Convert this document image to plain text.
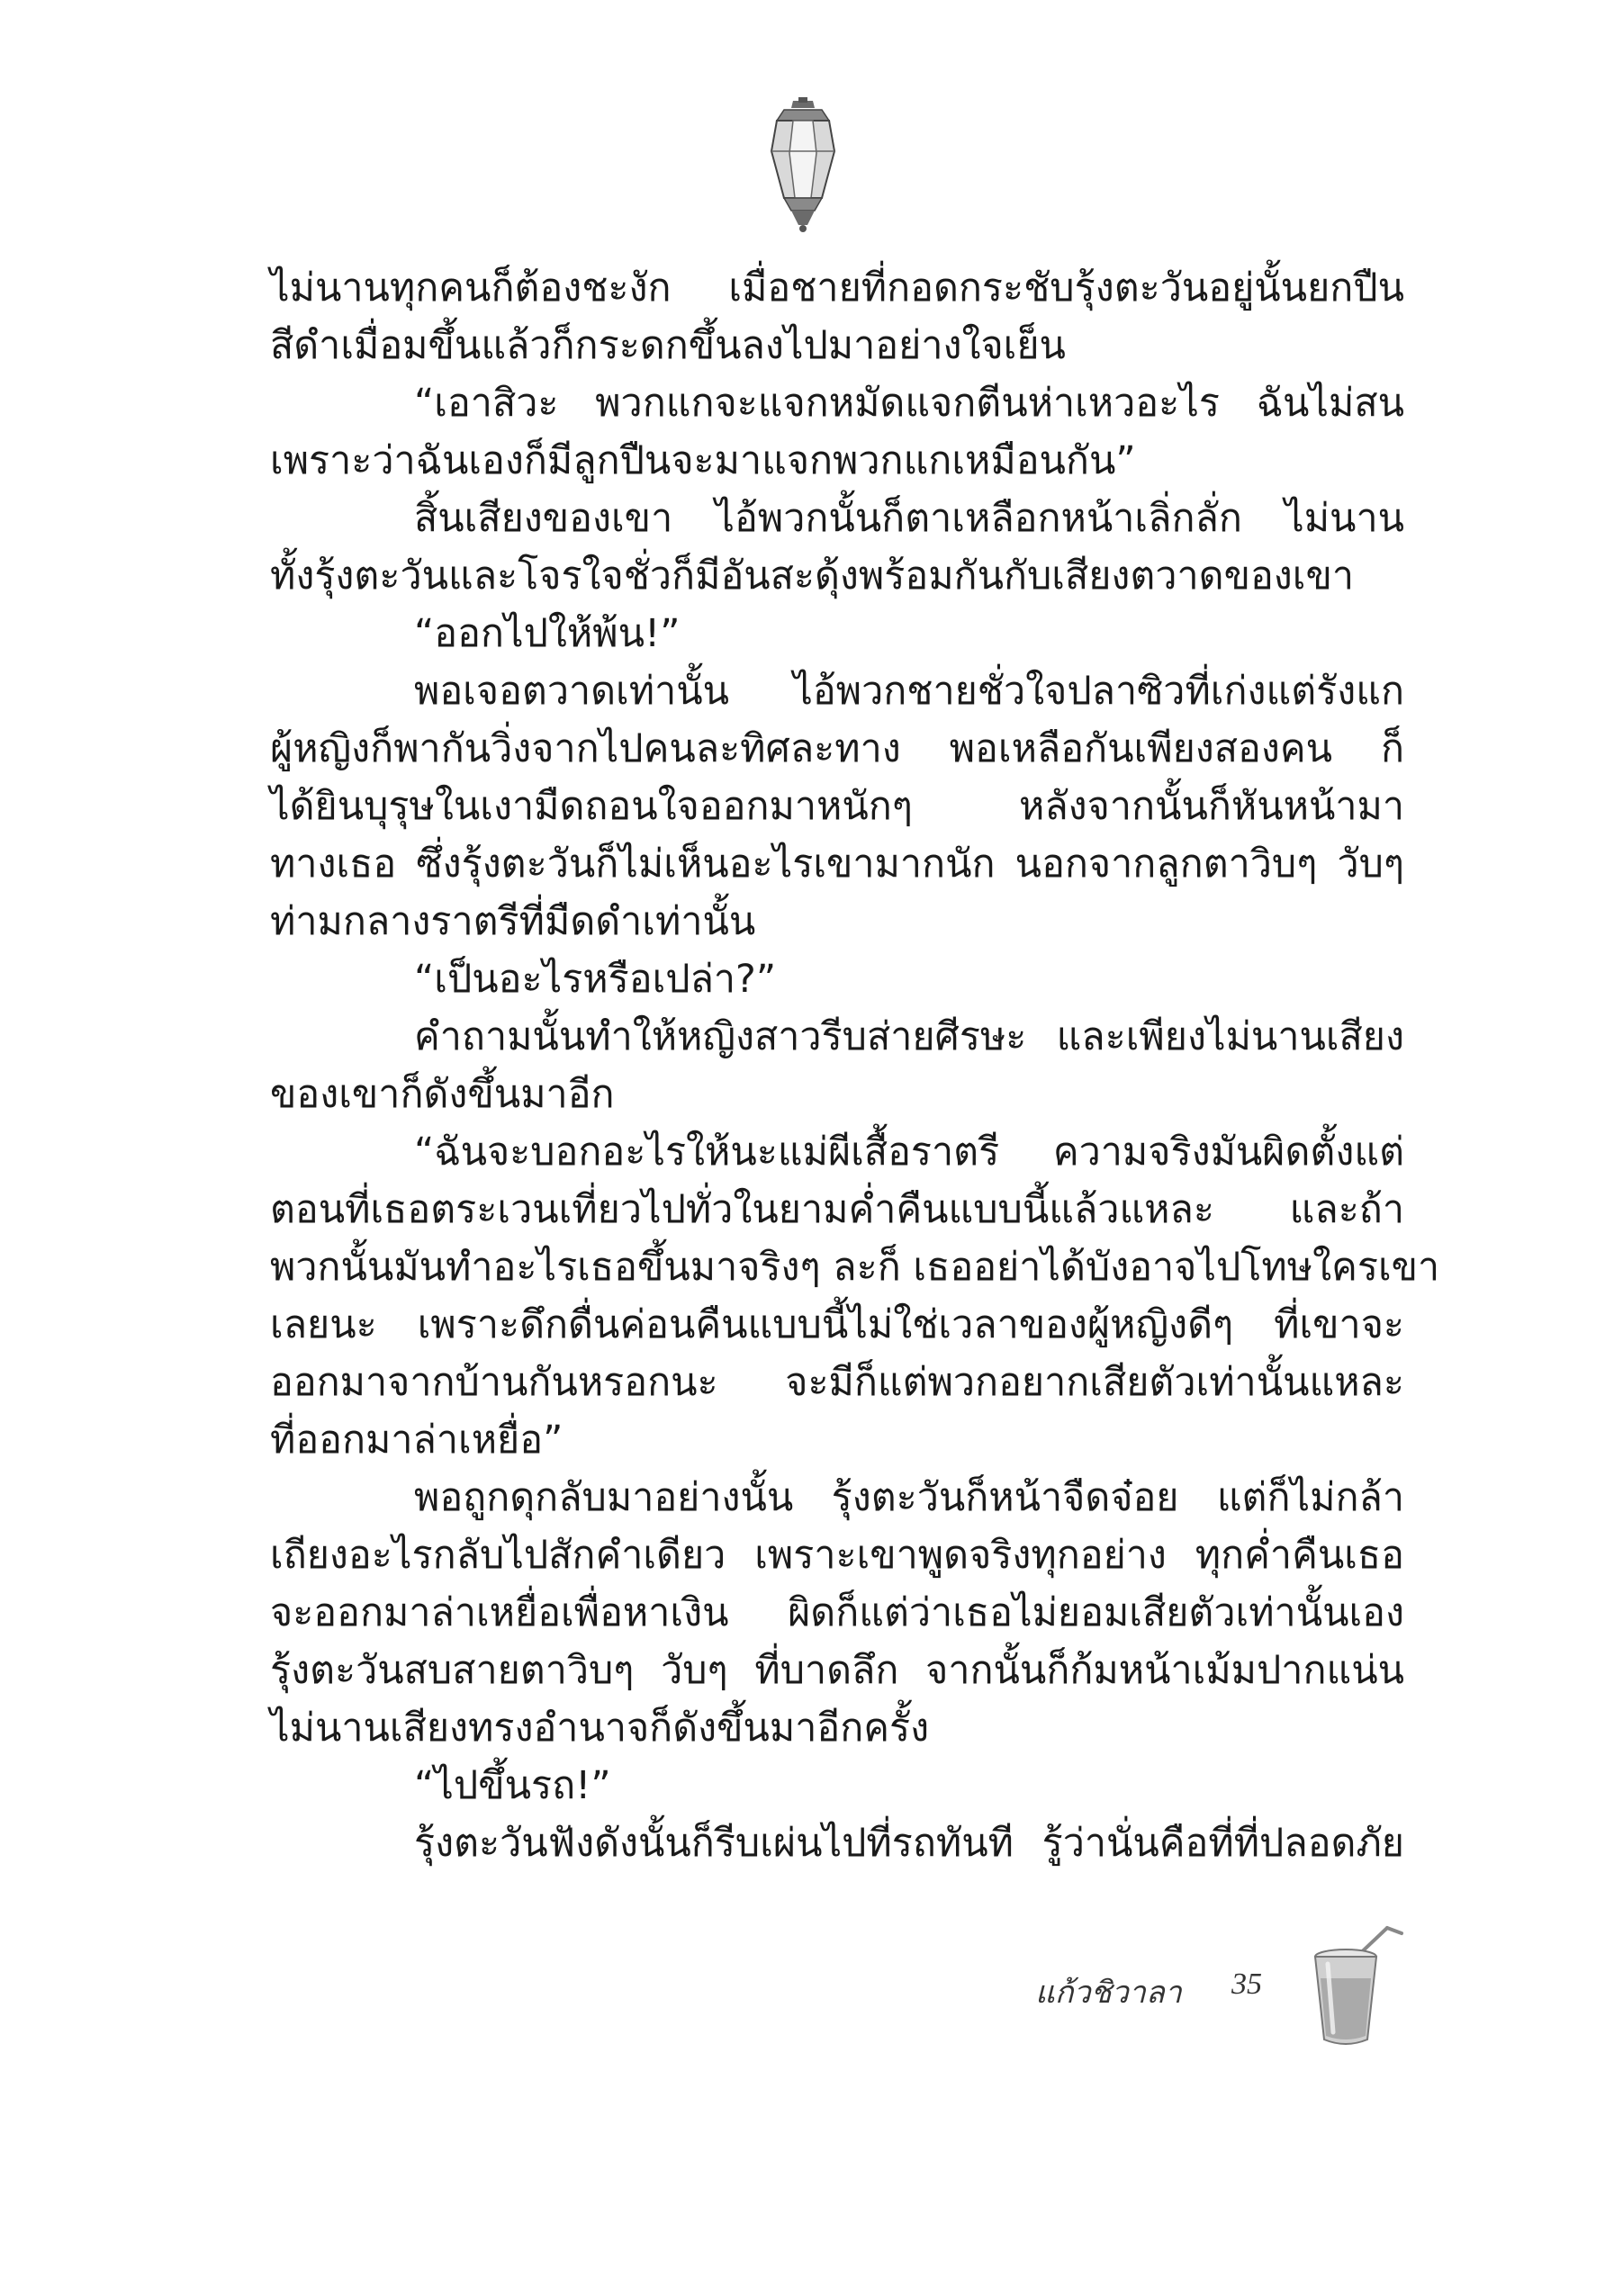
ไม่นานทุกคนก็ต้องชะงัก เมื่อชายที่กอดกระชับรุ้งตะวันอยู่นั้นยกปืน
สีดำเมื่อมขึ้นแล้วก็กระดกขึ้นลงไปมาอย่างใจเย็น
“เอาสิวะ พวกแกจะแจกหมัดแจกตีนห่าเหวอะไร ฉันไม่สน
เพราะว่าฉันเองก็มีลูกปืนจะมาแจกพวกแกเหมือนกัน”
สิ้นเสียงของเขา ไอ้พวกนั้นก็ตาเหลือกหน้าเลิ่กลั่ก ไม่นาน
ทั้งรุ้งตะวันและโจรใจชั่วก็มีอันสะดุ้งพร้อมกันกับเสียงตวาดของเขา
“ออกไปให้พ้น!”
พอเจอตวาดเท่านั้น ไอ้พวกชายชั่วใจปลาซิวที่เก่งแต่รังแก
ผู้หญิงก็พากันวิ่งจากไปคนละทิศละทาง พอเหลือกันเพียงสองคน ก็
ได้ยินบุรุษในเงามืดถอนใจออกมาหนักๆ หลังจากนั้นก็หันหน้ามา
ทางเธอ ซึ่งรุ้งตะวันก็ไม่เห็นอะไรเขามากนัก นอกจากลูกตาวิบๆ วับๆ
ท่ามกลางราตรีที่มืดดำเท่านั้น
“เป็นอะไรหรือเปล่า?”
คำถามนั้นทำให้หญิงสาวรีบส่ายศีรษะ และเพียงไม่นานเสียง
ของเขาก็ดังขึ้นมาอีก
“ฉันจะบอกอะไรให้นะแม่ผีเสื้อราตรี ความจริงมันผิดตั้งแต่
ตอนที่เธอตระเวนเที่ยวไปทั่วในยามค่ำคืนแบบนี้แล้วแหละ และถ้า
พวกนั้นมันทำอะไรเธอขึ้นมาจริงๆ ละก็ เธออย่าได้บังอาจไปโทษใครเขา
เลยนะ เพราะดึกดื่นค่อนคืนแบบนี้ไม่ใช่เวลาของผู้หญิงดีๆ ที่เขาจะ
ออกมาจากบ้านกันหรอกนะ จะมีก็แต่พวกอยากเสียตัวเท่านั้นแหละ
ที่ออกมาล่าเหยื่อ”
พอถูกดุกลับมาอย่างนั้น รุ้งตะวันก็หน้าจืดจ๋อย แต่ก็ไม่กล้า
เถียงอะไรกลับไปสักคำเดียว เพราะเขาพูดจริงทุกอย่าง ทุกค่ำคืนเธอ
จะออกมาล่าเหยื่อเพื่อหาเงิน ผิดก็แต่ว่าเธอไม่ยอมเสียตัวเท่านั้นเอง
รุ้งตะวันสบสายตาวิบๆ วับๆ ที่บาดลึก จากนั้นก็ก้มหน้าเม้มปากแน่น
ไม่นานเสียงทรงอำนาจก็ดังขึ้นมาอีกครั้ง
“ไปขึ้นรถ!”
รุ้งตะวันฟังดังนั้นก็รีบเผ่นไปที่รถทันที รู้ว่านั่นคือที่ที่ปลอดภัย
แก้วชิวาลา 35
